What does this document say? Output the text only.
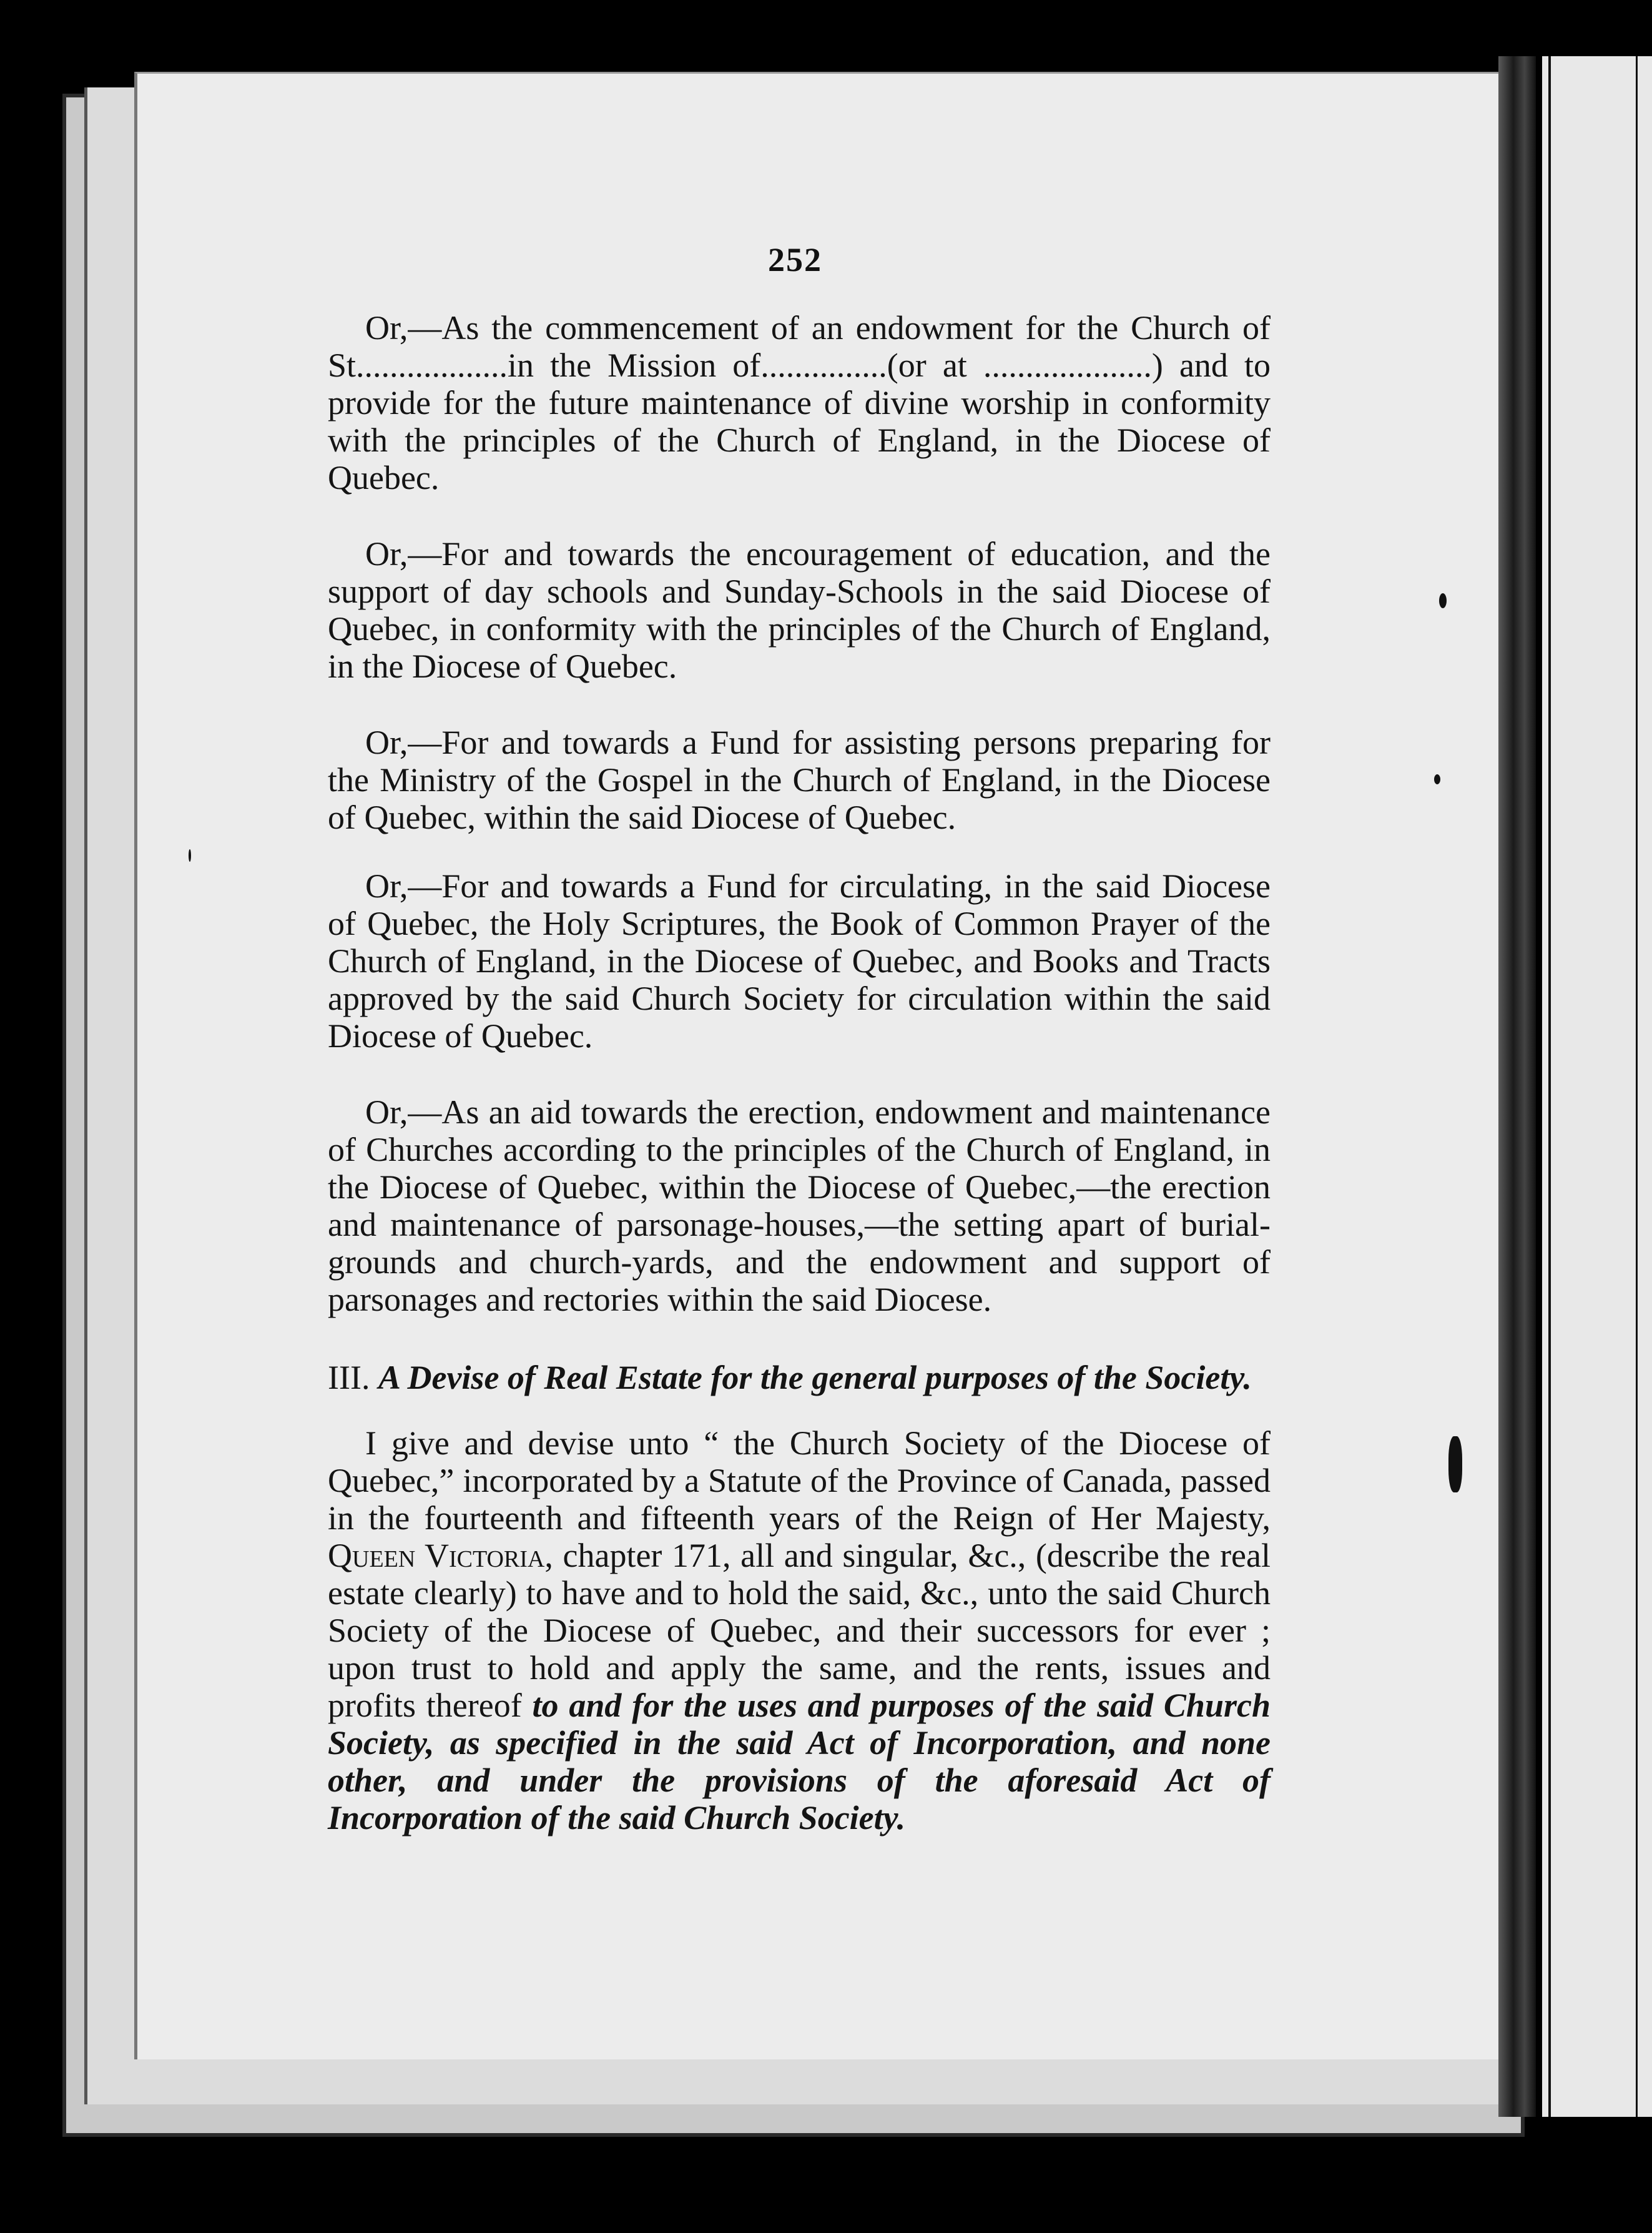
252

Or,—As the commencement of an endowment for the Church of St..................in the Mission of...............(or at ....................) and to provide for the future maintenance of divine worship in conformity with the principles of the Church of England, in the Diocese of Quebec.

Or,—For and towards the encouragement of education, and the support of day schools and Sunday-Schools in the said Diocese of Quebec, in conformity with the principles of the Church of England, in the Diocese of Quebec.

Or,—For and towards a Fund for assisting persons preparing for the Ministry of the Gospel in the Church of England, in the Diocese of Quebec, within the said Diocese of Quebec.

Or,—For and towards a Fund for circulating, in the said Diocese of Quebec, the Holy Scriptures, the Book of Common Prayer of the Church of England, in the Diocese of Quebec, and Books and Tracts approved by the said Church Society for circulation within the said Diocese of Quebec.

Or,—As an aid towards the erection, endowment and maintenance of Churches according to the principles of the Church of England, in the Diocese of Quebec, within the Diocese of Quebec,—the erection and maintenance of parsonage-houses,—the setting apart of burial-grounds and church-yards, and the endowment and support of parsonages and rectories within the said Diocese.

III. A Devise of Real Estate for the general purposes of the Society.

I give and devise unto “ the Church Society of the Diocese of Quebec,” incorporated by a Statute of the Province of Canada, passed in the fourteenth and fifteenth years of the Reign of Her Majesty, Queen Victoria, chapter 171, all and singular, &c., (describe the real estate clearly) to have and to hold the said, &c., unto the said Church Society of the Diocese of Quebec, and their successors for ever ; upon trust to hold and apply the same, and the rents, issues and profits thereof to and for the uses and purposes of the said Church Society, as specified in the said Act of Incorporation, and none other, and under the provisions of the aforesaid Act of Incorporation of the said Church Society.
